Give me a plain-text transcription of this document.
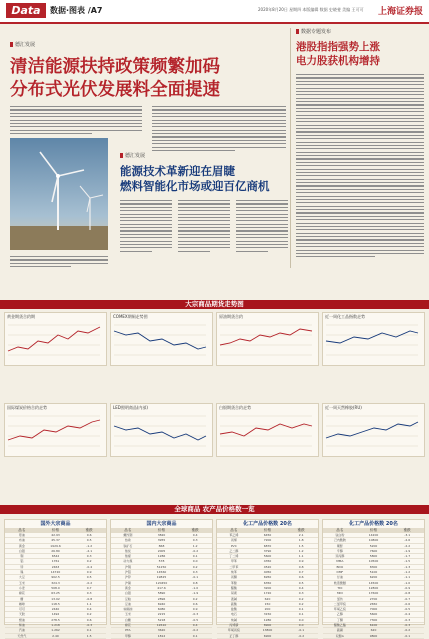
Data	数据·图表 /A7	2020年8月20日 星期四 本版编辑 数据 史晓斐 美编 王可可 上海证券报
德汇发展
清洁能源扶持政策频繁加码
分布式光伏发展料全面提速
德汇发展
能源技术革新迎在眉睫
燃料智能化市场或迎百亿商机
数据专题发布
港股指指强势上涨
电力股获机构增持
大宗商品期货走势图
黄金期货合约期	COMEX期铜走势图	原油期货合约	近一周化工品指数走势
国际煤炭价格合约走势	LED照明商品(内部)	白银期货合约走势	近一周天然橡胶(RU)
全球商品 农产品价格数一览
国外大宗商品
品名	价格	涨跌
原油	42.93	0.6
布油	45.37	0.5
黄金	1929.6	-1.2
白银	26.80	-2.1
铜	6542	0.3
铝	1761	0.2
锌	2463	-0.4
镍	14720	0.9
大豆	902.5	0.5
玉米	324.3	-0.2
小麦	508.0	0.7
棉花	63.25	0.3
糖	13.02	-0.8
咖啡	118.5	1.1
可可	2440	0.4
天胶	1492	0.2
燃油	278.5	0.6
柴油	1.218	-0.3
汽油	1.262	0.1
天然气	2.40	1.5
国内大宗商品
品名	价格	涨跌
螺纹钢	3820	0.4
热卷	3955	0.3
铁矿石	868	1.2
焦炭	2005	-0.2
焦煤	1286	0.1
动力煤	578	0.0
沪铜	51250	0.2
沪铝	14560	0.3
沪锌	19825	-0.1
沪镍	120450	0.8
黄金	417.6	-1.0
白银	5890	-1.9
豆粕	2896	0.2
豆油	6940	0.6
棕榈油	6080	0.9
玉米	2215	-0.3
白糖	5218	-0.5
棉花	12610	0.4
PTA	3620	-0.2
甲醇	1812	0.1
化工产品价格数 20名
品名	价格	涨跌
苯乙烯	6450	2.1
丙烯	7200	1.8
PVC	6870	1.5
乙二醇	3790	1.2
丁二烯	5600	1.1
甲苯	4350	0.9
二甲苯	4520	0.8
纯苯	4050	0.7
丙酮	6950	0.6
苯酚	6350	0.5
醋酸	3200	0.4
尿素	1720	0.3
液碱	620	0.2
硫酸	150	0.2
盐酸	200	0.1
电石	3150	0.1
纯碱	1280	0.0
丙烯腈	8900	0.0
环氧丙烷	13800	-0.1
正丁醇	6900	-0.2
化工产品价格数 20名
品名	价格	涨跌
钛白粉	14200	-3.1
己内酰胺	10800	-2.6
顺酐	5200	-2.2
辛醇	7600	-1.9
异丙醇	5800	-1.7
MMA	10500	-1.5
BDO	8300	-1.3
DMF	5100	-1.2
甘油	6200	-1.1
软泡聚醚	14500	-1.0
TDI	12800	-0.9
MDI	17600	-0.8
氯仿	2700	-0.7
二氯甲烷	2650	-0.6
环氧乙烷	7000	-0.5
乙醇	5600	-0.4
丁酮	7300	-0.3
醋酸乙酯	6100	-0.3
硫磺	620	-0.2
双酚A	9800	-0.1
